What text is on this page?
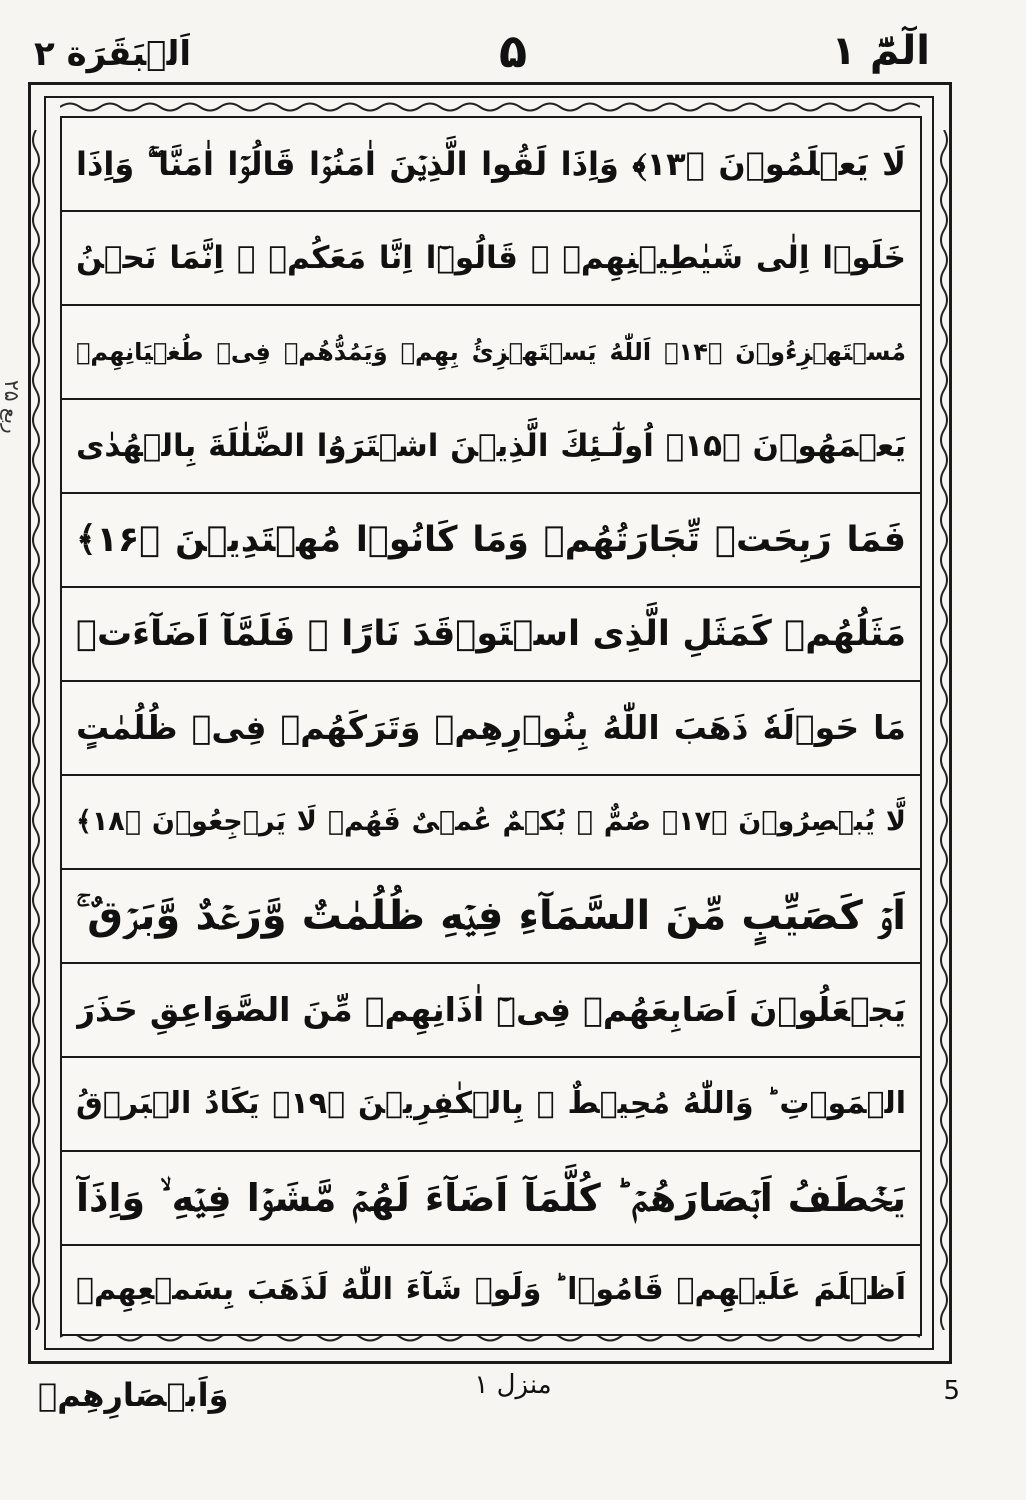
الٓمّٓ ۱
۵
اَلۡبَقَرَة ۲
ربع ۲۵
لَا يَعۡلَمُوۡنَ ﴿۱۳﴾ وَاِذَا لَقُوا الَّذِيۡنَ اٰمَنُوۡا قَالُوۡٓا اٰمَنَّا ۖۚ وَاِذَا
خَلَوۡا اِلٰى شَيٰطِيۡنِهِمۡ ۙ قَالُوۡٓا اِنَّا مَعَكُمۡ ۙ اِنَّمَا نَحۡنُ
مُسۡتَهۡزِءُوۡنَ ﴿۱۴﴾ اَللّٰهُ يَسۡتَهۡزِئُ بِهِمۡ وَيَمُدُّهُمۡ فِىۡ طُغۡيَانِهِمۡ
يَعۡمَهُوۡنَ ﴿۱۵﴾ اُولٰٓـئِكَ الَّذِيۡنَ اشۡتَرَوُا الضَّلٰلَةَ بِالۡهُدٰى
فَمَا رَبِحَتۡ تِّجَارَتُهُمۡ وَمَا كَانُوۡا مُهۡتَدِيۡنَ ﴿۱۶﴾
مَثَلُهُمۡ كَمَثَلِ الَّذِى اسۡتَوۡقَدَ نَارًا ۚ فَلَمَّآ اَضَآءَتۡ
مَا حَوۡلَهٗ ذَهَبَ اللّٰهُ بِنُوۡرِهِمۡ وَتَرَكَهُمۡ فِىۡ ظُلُمٰتٍ
لَّا يُبۡصِرُوۡنَ ﴿۱۷﴾ صُمٌّ ۢ بُكۡمٌ عُمۡىٌ فَهُمۡ لَا يَرۡجِعُوۡنَ ﴿۱۸﴾
اَوۡ كَصَيِّبٍ مِّنَ السَّمَآءِ فِيۡهِ ظُلُمٰتٌ وَّرَعۡدٌ وَّبَرۡقٌ ۚ
يَجۡعَلُوۡنَ اَصَابِعَهُمۡ فِىۡٓ اٰذَانِهِمۡ مِّنَ الصَّوَاعِقِ حَذَرَ
الۡمَوۡتِ ؕ وَاللّٰهُ مُحِيۡطٌ ۢ بِالۡكٰفِرِيۡنَ ﴿۱۹﴾ يَكَادُ الۡبَرۡقُ
يَخۡطَفُ اَبۡصَارَهُمۡ ؕ كُلَّمَآ اَضَآءَ لَهُمۡ مَّشَوۡا فِيۡهِ ۙ وَاِذَآ
اَظۡلَمَ عَلَيۡهِمۡ قَامُوۡا ؕ وَلَوۡ شَآءَ اللّٰهُ لَذَهَبَ بِسَمۡعِهِمۡ
وَاَبۡصَارِهِمۡ	منزل ۱	5
